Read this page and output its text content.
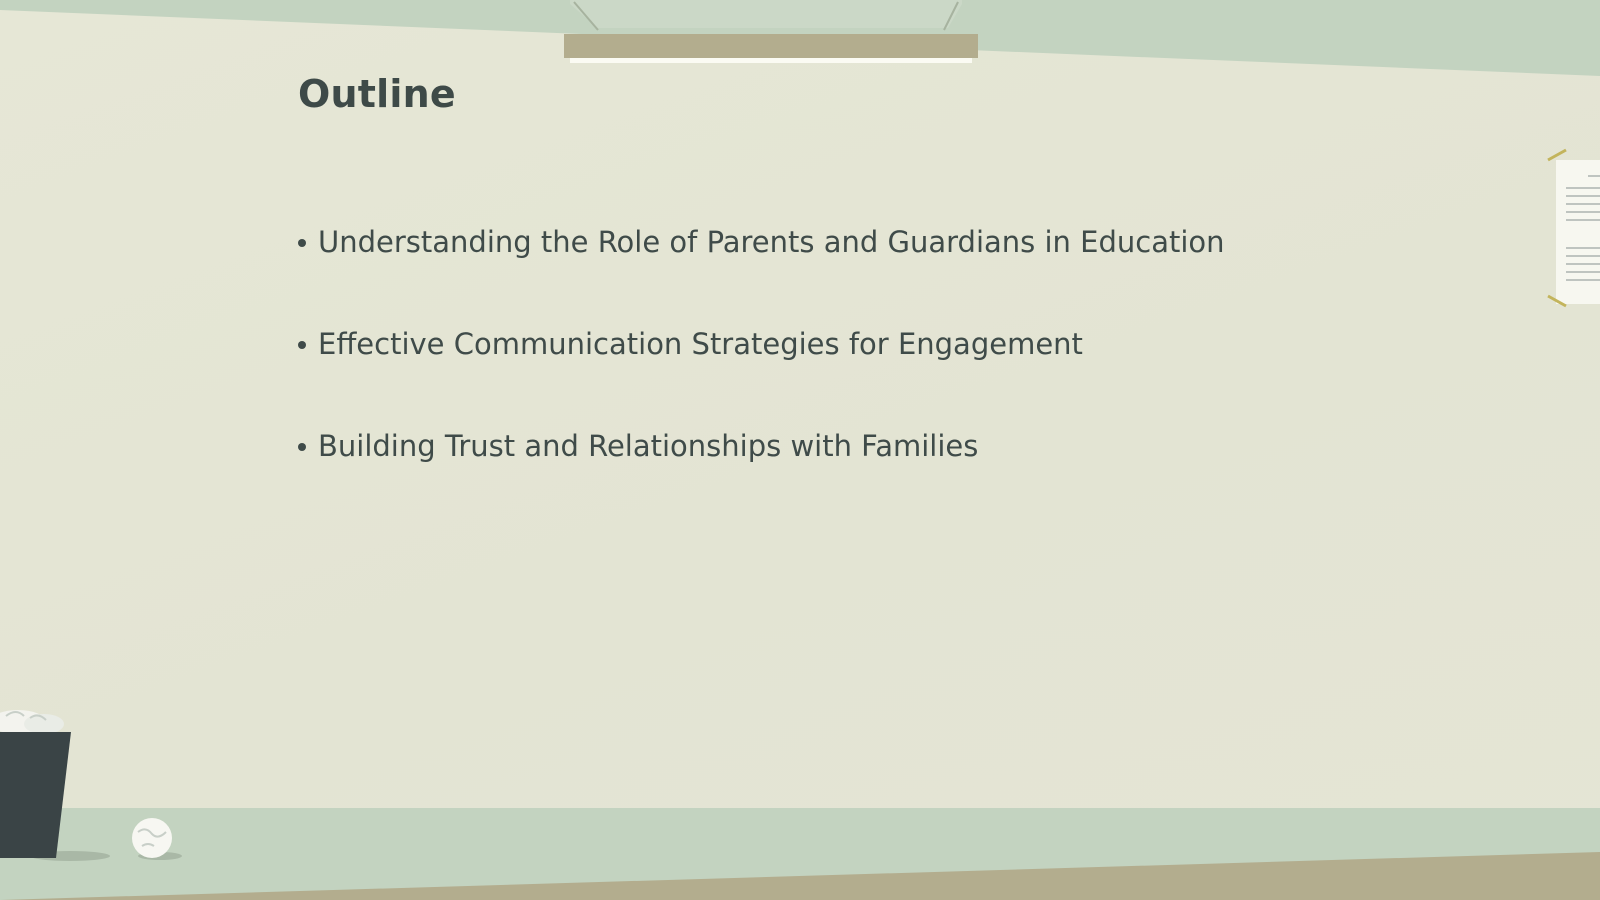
Outline
Understanding the Role of Parents and Guardians in Education
Effective Communication Strategies for Engagement
Building Trust and Relationships with Families
